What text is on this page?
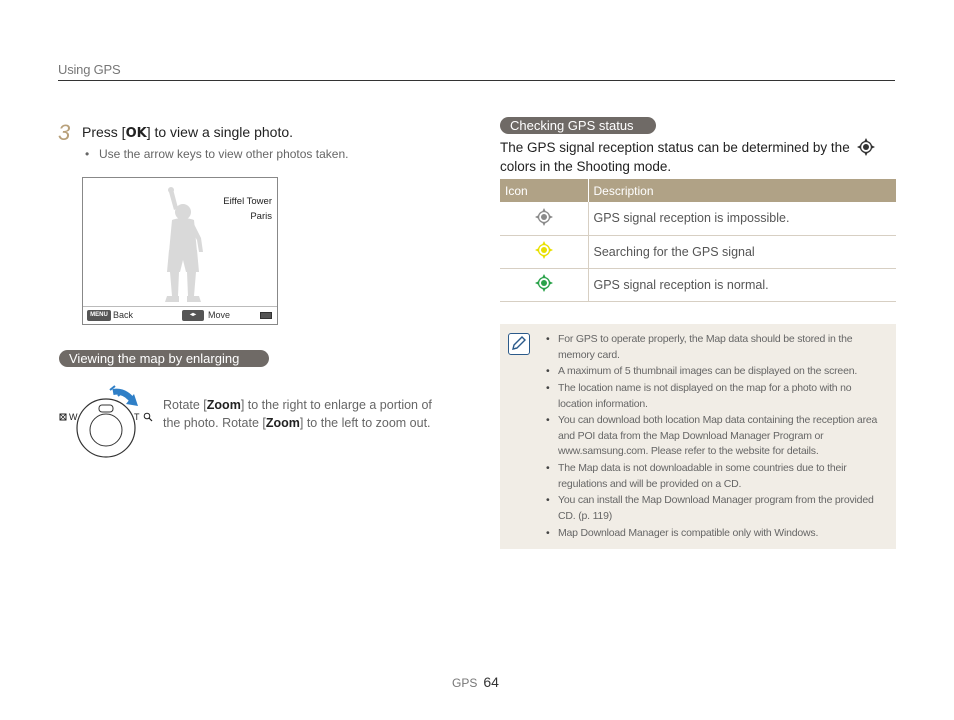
Using GPS
3 Press [OK] to view a single photo.
• Use the arrow keys to view other photos taken.
Eiffel Tower
Paris
MENU Back	◂▸	Move
Viewing the map by enlarging
W	T
Rotate [Zoom] to the right to enlarge a portion of the photo. Rotate [Zoom] to the left to zoom out.
Checking GPS status
The GPS signal reception status can be determined by the
colors in the Shooting mode.
Icon	Description
	GPS signal reception is impossible.
	Searching for the GPS signal
	GPS signal reception is normal.
• For GPS to operate properly, the Map data should be stored in the memory card.
• A maximum of 5 thumbnail images can be displayed on the screen.
• The location name is not displayed on the map for a photo with no location information.
• You can download both location Map data containing the reception area and POI data from the Map Download Manager Program or www.samsung.com. Please refer to the website for details.
• The Map data is not downloadable in some countries due to their regulations and will be provided on a CD.
• You can install the Map Download Manager program from the provided CD. (p. 119)
• Map Download Manager is compatible only with Windows.
GPS 64
